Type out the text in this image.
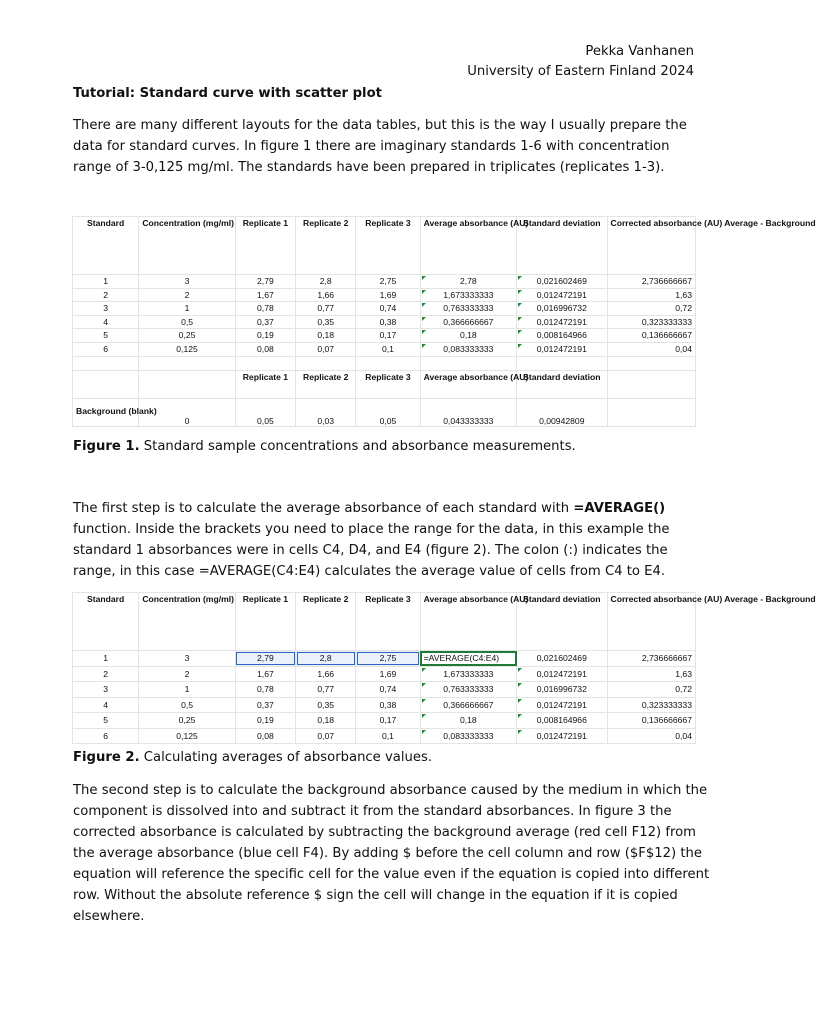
Pekka Vanhanen
University of Eastern Finland 2024
Tutorial: Standard curve with scatter plot
There are many different layouts for the data tables, but this is the way I usually prepare the data for standard curves. In figure 1 there are imaginary standards 1-6 with concentration range of 3-0,125 mg/ml. The standards have been prepared in triplicates (replicates 1-3).
Standard	Concentration (mg/ml)	Replicate 1	Replicate 2	Replicate 3	Average absorbance (AU)	Standard deviation	Corrected absorbance (AU) Average - Background
1	3	2,79	2,8	2,75	2,78	0,021602469	2,736666667
2	2	1,67	1,66	1,69	1,673333333	0,012472191	1,63
3	1	0,78	0,77	0,74	0,763333333	0,016996732	0,72
4	0,5	0,37	0,35	0,38	0,366666667	0,012472191	0,323333333
5	0,25	0,19	0,18	0,17	0,18	0,008164966	0,136666667
6	0,125	0,08	0,07	0,1	0,083333333	0,012472191	0,04

		Replicate 1	Replicate 2	Replicate 3	Average absorbance (AU)	Standard deviation	
Background (blank)	0	0,05	0,03	0,05	0,043333333	0,00942809	
Figure 1. Standard sample concentrations and absorbance measurements.
The first step is to calculate the average absorbance of each standard with =AVERAGE() function. Inside the brackets you need to place the range for the data, in this example the standard 1 absorbances were in cells C4, D4, and E4 (figure 2). The colon (:) indicates the range, in this case =AVERAGE(C4:E4) calculates the average value of cells from C4 to E4.
Standard	Concentration (mg/ml)	Replicate 1	Replicate 2	Replicate 3	Average absorbance (AU)	Standard deviation	Corrected absorbance (AU) Average - Background
1	3	2,79	2,8	2,75	=AVERAGE(C4:E4)	0,021602469	2,736666667
2	2	1,67	1,66	1,69	1,673333333	0,012472191	1,63
3	1	0,78	0,77	0,74	0,763333333	0,016996732	0,72
4	0,5	0,37	0,35	0,38	0,366666667	0,012472191	0,323333333
5	0,25	0,19	0,18	0,17	0,18	0,008164966	0,136666667
6	0,125	0,08	0,07	0,1	0,083333333	0,012472191	0,04
Figure 2. Calculating averages of absorbance values.
The second step is to calculate the background absorbance caused by the medium in which the component is dissolved into and subtract it from the standard absorbances. In figure 3 the corrected absorbance is calculated by subtracting the background average (red cell F12) from the average absorbance (blue cell F4). By adding $ before the cell column and row ($F$12) the equation will reference the specific cell for the value even if the equation is copied into different row. Without the absolute reference $ sign the cell will change in the equation if it is copied elsewhere.
